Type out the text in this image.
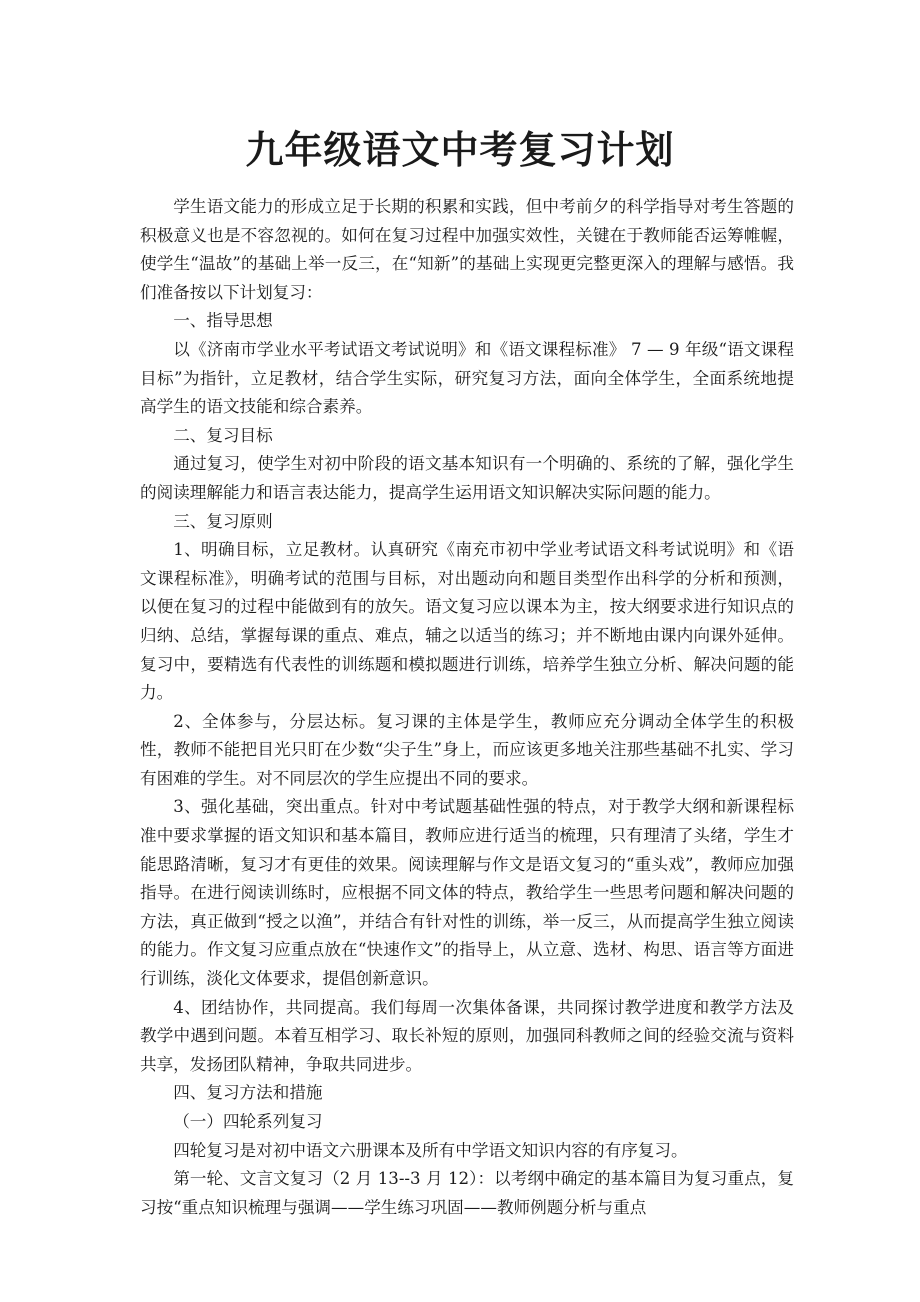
九年级语文中考复习计划

学生语文能力的形成立足于长期的积累和实践，但中考前夕的科学指导对考生答题的积极意义也是不容忽视的。如何在复习过程中加强实效性，关键在于教师能否运筹帷幄，使学生“温故”的基础上举一反三，在“知新”的基础上实现更完整更深入的理解与感悟。我们准备按以下计划复习：

一、指导思想

以《济南市学业水平考试语文考试说明》和《语文课程标准》 7 — 9 年级“语文课程目标”为指针，立足教材，结合学生实际，研究复习方法，面向全体学生，全面系统地提高学生的语文技能和综合素养。

二、复习目标

通过复习，使学生对初中阶段的语文基本知识有一个明确的、系统的了解，强化学生的阅读理解能力和语言表达能力，提高学生运用语文知识解决实际问题的能力。

三、复习原则

1、明确目标，立足教材。认真研究《南充市初中学业考试语文科考试说明》和《语文课程标准》，明确考试的范围与目标，对出题动向和题目类型作出科学的分析和预测，以便在复习的过程中能做到有的放矢。语文复习应以课本为主，按大纲要求进行知识点的归纳、总结，掌握每课的重点、难点，辅之以适当的练习；并不断地由课内向课外延伸。复习中，要精选有代表性的训练题和模拟题进行训练，培养学生独立分析、解决问题的能力。

2、全体参与，分层达标。复习课的主体是学生，教师应充分调动全体学生的积极性，教师不能把目光只盯在少数“尖子生”身上，而应该更多地关注那些基础不扎实、学习有困难的学生。对不同层次的学生应提出不同的要求。

3、强化基础，突出重点。针对中考试题基础性强的特点，对于教学大纲和新课程标准中要求掌握的语文知识和基本篇目，教师应进行适当的梳理，只有理清了头绪，学生才能思路清晰，复习才有更佳的效果。阅读理解与作文是语文复习的“重头戏”，教师应加强指导。在进行阅读训练时，应根据不同文体的特点，教给学生一些思考问题和解决问题的方法，真正做到“授之以渔”，并结合有针对性的训练，举一反三，从而提高学生独立阅读的能力。作文复习应重点放在“快速作文”的指导上，从立意、选材、构思、语言等方面进行训练，淡化文体要求，提倡创新意识。

4、团结协作，共同提高。我们每周一次集体备课，共同探讨教学进度和教学方法及教学中遇到问题。本着互相学习、取长补短的原则，加强同科教师之间的经验交流与资料共享，发扬团队精神，争取共同进步。

四、复习方法和措施

（一）四轮系列复习

四轮复习是对初中语文六册课本及所有中学语文知识内容的有序复习。

第一轮、文言文复习（2 月 13--3 月 12）：以考纲中确定的基本篇目为复习重点，复习按“重点知识梳理与强调——学生练习巩固——教师例题分析与重点
